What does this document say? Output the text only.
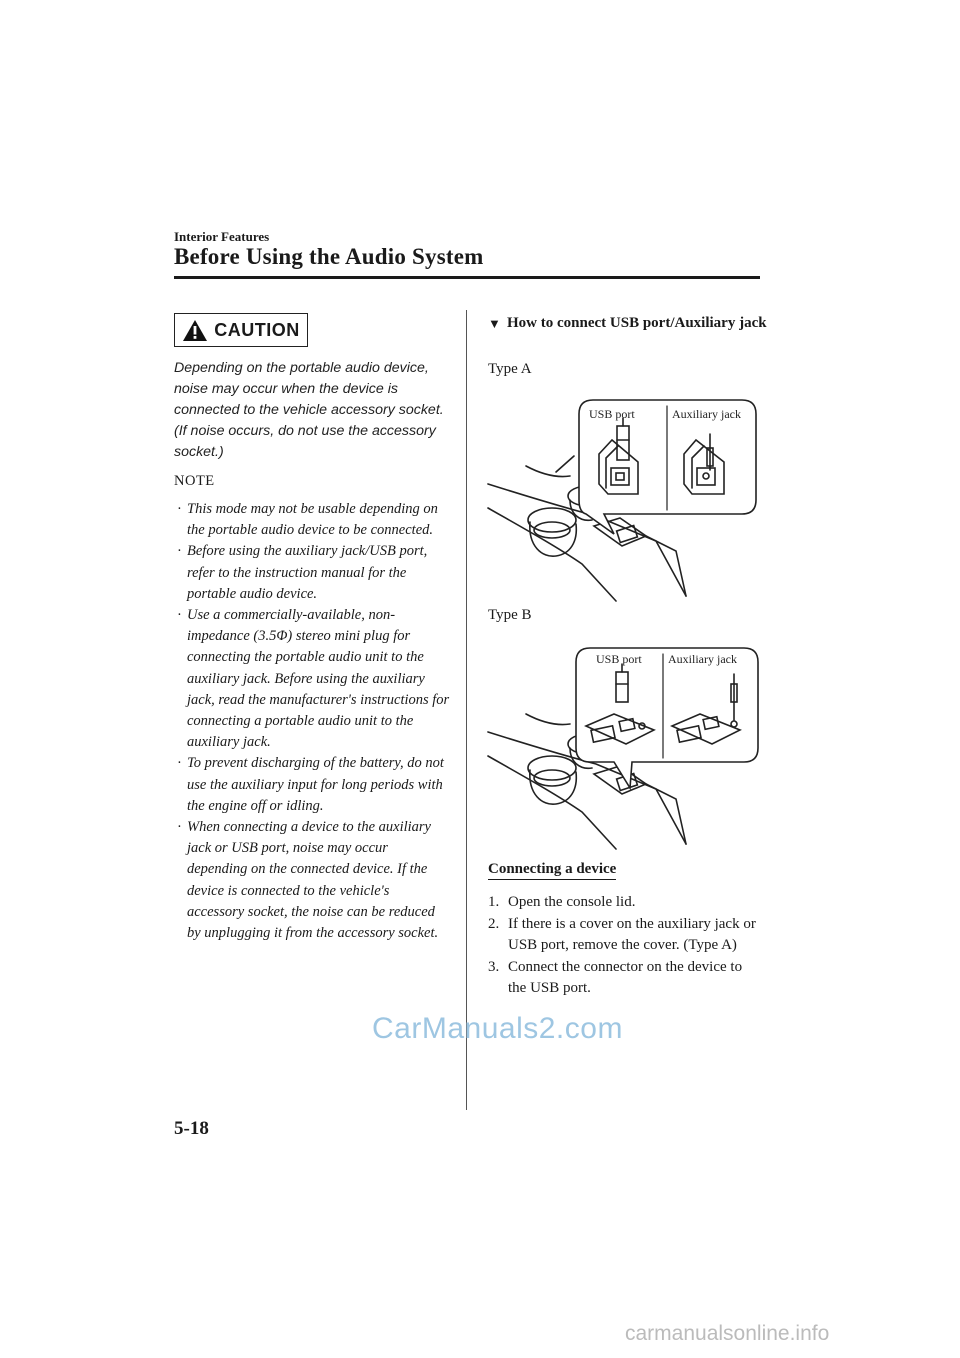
Interior Features
Before Using the Audio System
CAUTION
Depending on the portable audio device, noise may occur when the device is connected to the vehicle accessory socket. (If noise occurs, do not use the accessory socket.)
NOTE
· This mode may not be usable depending on the portable audio device to be connected.
· Before using the auxiliary jack/USB port, refer to the instruction manual for the portable audio device.
· Use a commercially-available, non-impedance (3.5Φ) stereo mini plug for connecting the portable audio unit to the auxiliary jack. Before using the auxiliary jack, read the manufacturer's instructions for connecting a portable audio unit to the auxiliary jack.
· To prevent discharging of the battery, do not use the auxiliary input for long periods with the engine off or idling.
· When connecting a device to the auxiliary jack or USB port, noise may occur depending on the connected device. If the device is connected to the vehicle's accessory socket, the noise can be reduced by unplugging it from the accessory socket.
▼ How to connect USB port/Auxiliary jack
Type A
USB port	Auxiliary jack
Type B
USB port Auxiliary jack
Connecting a device
1. Open the console lid.
2. If there is a cover on the auxiliary jack or USB port, remove the cover. (Type A)
3. Connect the connector on the device to the USB port.
CarManuals2.com
5-18
carmanualsonline.info
